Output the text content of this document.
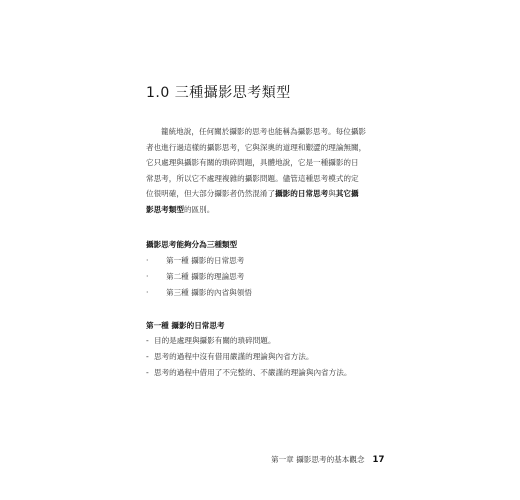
1.0 三種攝影思考類型
籠統地說，任何關於攝影的思考也能稱為攝影思考。每位攝影
者也進行過這樣的攝影思考，它與深奧的道理和艱澀的理論無關，
它只處理與攝影有關的瑣碎問題，具體地說，它是一種攝影的日
常思考，所以它不處理複雜的攝影問題。儘管這種思考模式的定
位很明確，但大部分攝影者仍然混淆了攝影的日常思考與其它攝
影思考類型的區別。
攝影思考能夠分為三種類型
·	第一種 攝影的日常思考
·	第二種 攝影的理論思考
·	第三種 攝影的內省與領悟
第一種 攝影的日常思考
- 目的是處理與攝影有關的瑣碎問題。
- 思考的過程中沒有借用嚴謹的理論與內省方法。
- 思考的過程中借用了不完整的、不嚴謹的理論與內省方法。
第一章 攝影思考的基本觀念 17
